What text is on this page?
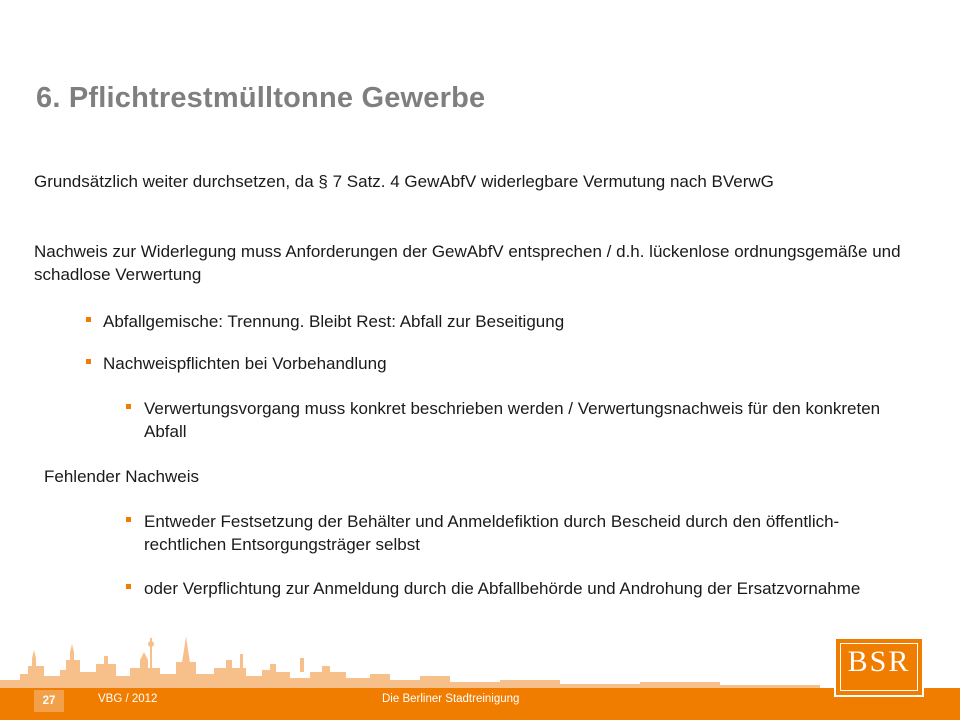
6. Pflichtrestmülltonne Gewerbe
Grundsätzlich weiter durchsetzen, da § 7 Satz. 4 GewAbfV widerlegbare Vermutung nach BVerwG
Nachweis zur Widerlegung muss Anforderungen der GewAbfV entsprechen / d.h. lückenlose ordnungsgemäße und schadlose Verwertung
Abfallgemische: Trennung. Bleibt Rest: Abfall zur Beseitigung
Nachweispflichten bei Vorbehandlung
Verwertungsvorgang muss konkret beschrieben werden / Verwertungsnachweis für den konkreten Abfall
Fehlender Nachweis
Entweder Festsetzung der Behälter und Anmeldefiktion durch Bescheid durch den öffentlich-rechtlichen Entsorgungsträger selbst
oder Verpflichtung zur Anmeldung durch die Abfallbehörde und Androhung der Ersatzvornahme
27	VBG / 2012	Die Berliner Stadtreinigung
BSR
